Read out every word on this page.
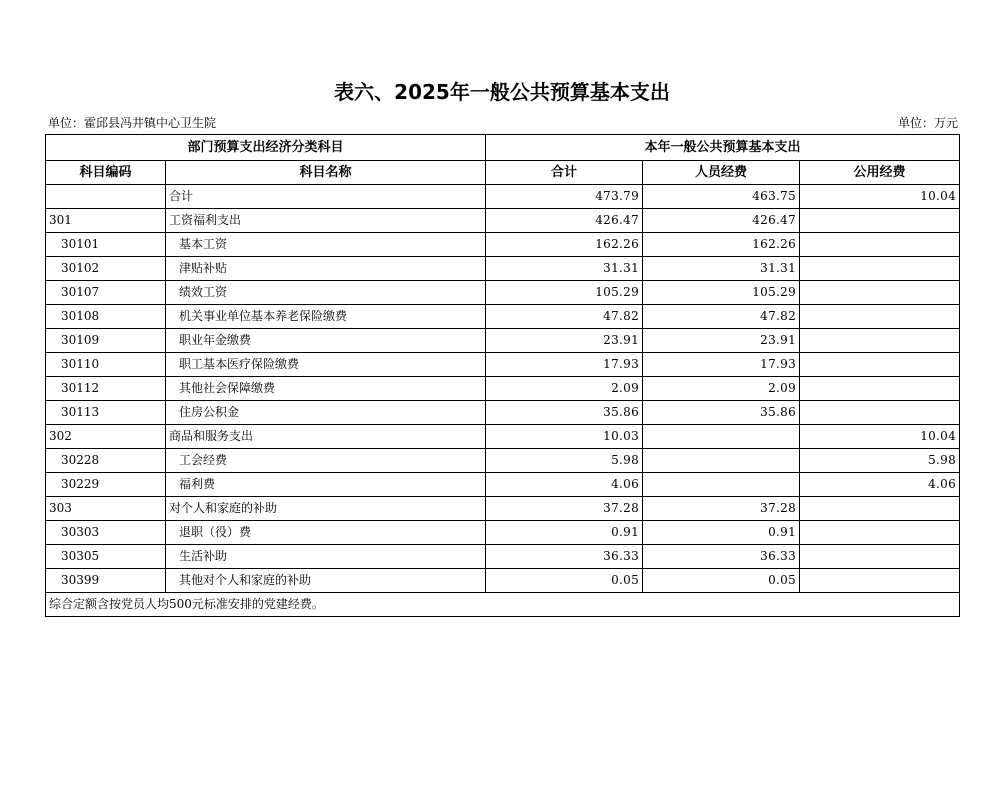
表六、2025年一般公共预算基本支出
单位：霍邱县冯井镇中心卫生院	单位：万元
部门预算支出经济分类科目		本年一般公共预算基本支出		
科目编码	科目名称	合计	人员经费	公用经费
	合计	473.79	463.75	10.04
301	工资福利支出	426.47	426.47	
30101	基本工资	162.26	162.26	
30102	津贴补贴	31.31	31.31	
30107	绩效工资	105.29	105.29	
30108	机关事业单位基本养老保险缴费	47.82	47.82	
30109	职业年金缴费	23.91	23.91	
30110	职工基本医疗保险缴费	17.93	17.93	
30112	其他社会保障缴费	2.09	2.09	
30113	住房公积金	35.86	35.86	
302	商品和服务支出	10.03		10.04
30228	工会经费	5.98		5.98
30229	福利费	4.06		4.06
303	对个人和家庭的补助	37.28	37.28	
30303	退职（役）费	0.91	0.91	
30305	生活补助	36.33	36.33	
30399	其他对个人和家庭的补助	0.05	0.05	
综合定额含按党员人均500元标准安排的党建经费。				
